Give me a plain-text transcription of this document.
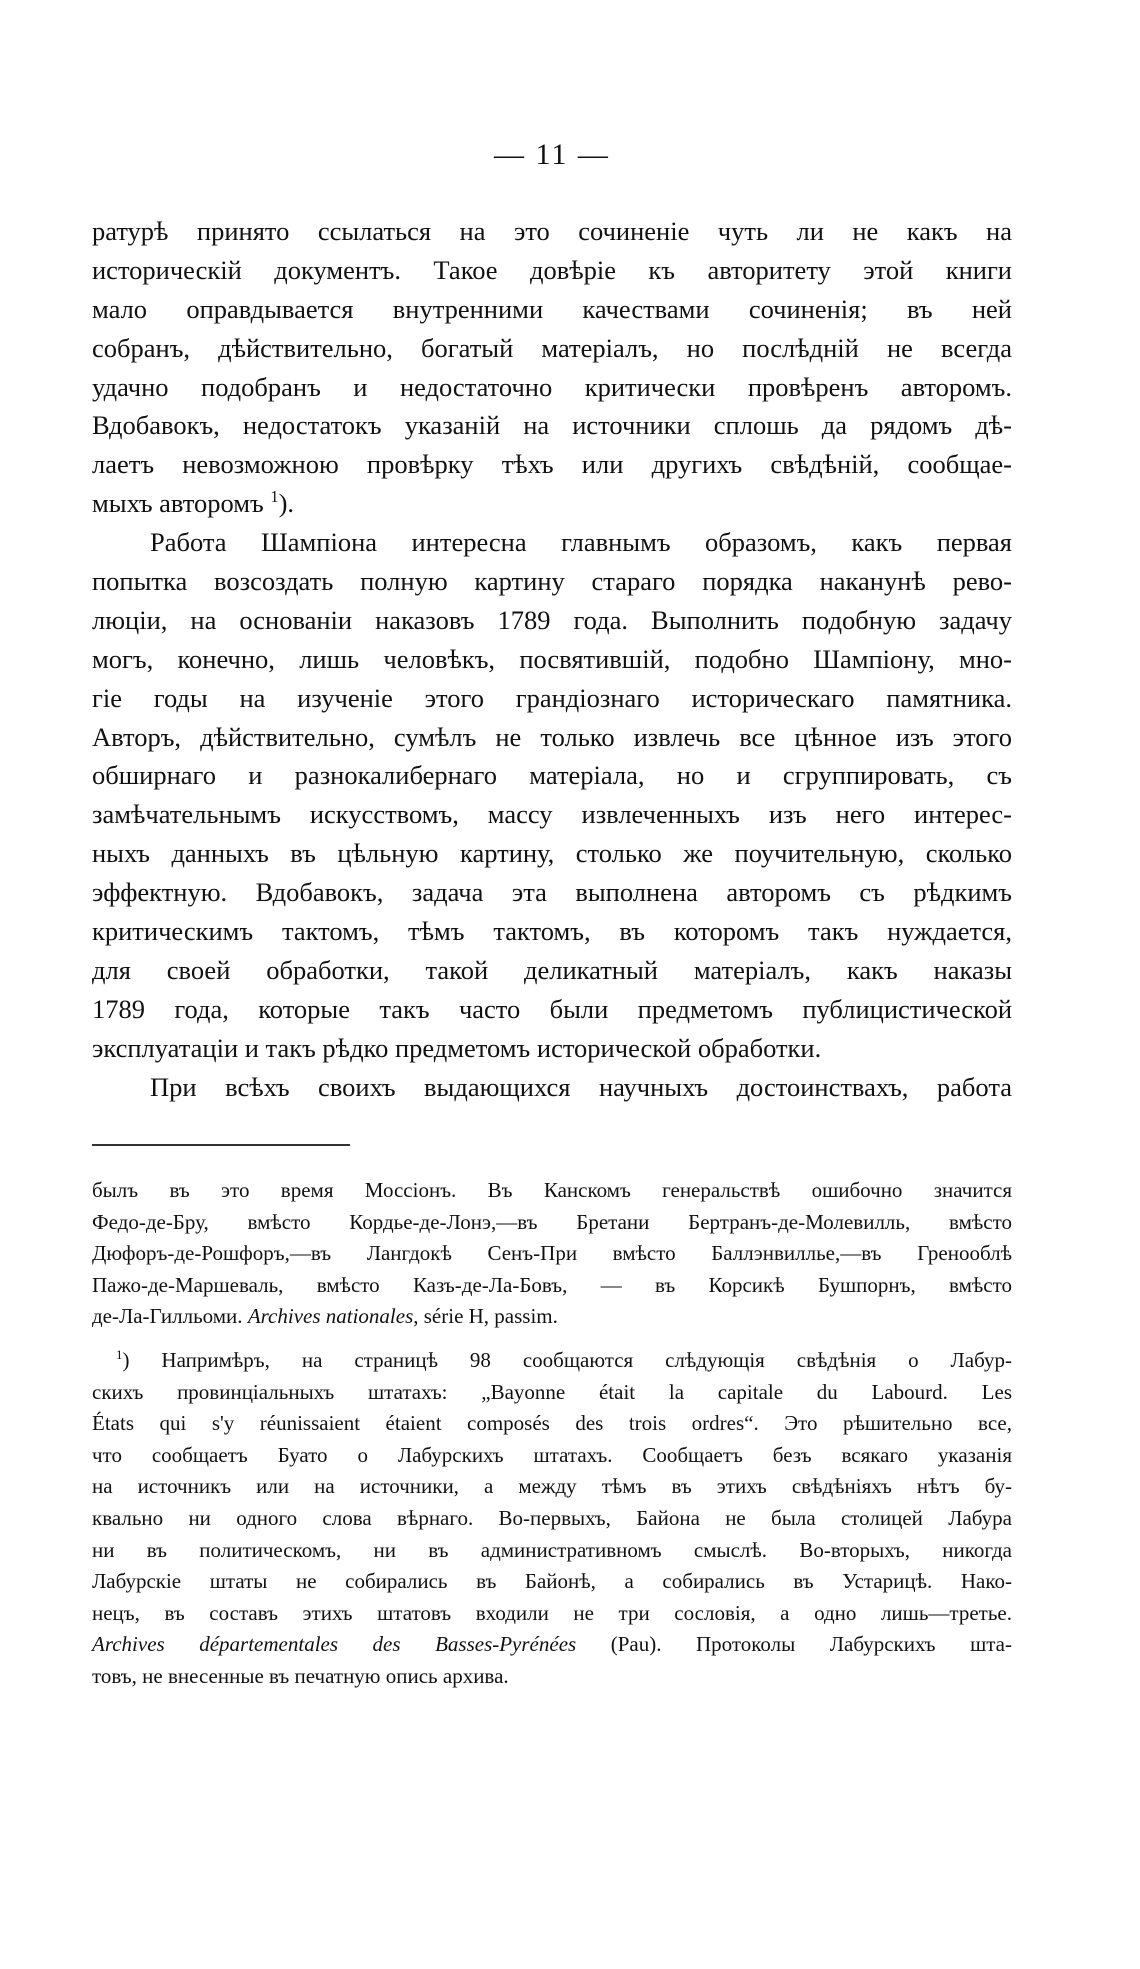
— 11 —
ратурѣ принято ссылаться на это сочиненіе чуть ли не какъ на
историческій документъ. Такое довѣріе къ авторитету этой книги
мало оправдывается внутренними качествами сочиненія; въ ней
собранъ, дѣйствительно, богатый матеріалъ, но послѣдній не всегда
удачно подобранъ и недостаточно критически провѣренъ авторомъ.
Вдобавокъ, недостатокъ указаній на источники сплошь да рядомъ дѣ-
лаетъ невозможною провѣрку тѣхъ или другихъ свѣдѣній, сообщае-
мыхъ авторомъ $^1$).
Работа Шампіона интересна главнымъ образомъ, какъ первая
попытка возсоздать полную картину стараго порядка наканунѣ рево-
люціи, на основаніи наказовъ 1789 года. Выполнить подобную задачу
могъ, конечно, лишь человѣкъ, посвятившій, подобно Шампіону, мно-
гіе годы на изученіе этого грандіознаго историческаго памятника.
Авторъ, дѣйствительно, сумѣлъ не только извлечь все цѣнное изъ этого
обширнаго и разнокалибернаго матеріала, но и сгруппировать, съ
замѣчательнымъ искусствомъ, массу извлеченныхъ изъ него интерес-
ныхъ данныхъ въ цѣльную картину, столько же поучительную, сколько
эффектную. Вдобавокъ, задача эта выполнена авторомъ съ рѣдкимъ
критическимъ тактомъ, тѣмъ тактомъ, въ которомъ такъ нуждается,
для своей обработки, такой деликатный матеріалъ, какъ наказы
1789 года, которые такъ часто были предметомъ публицистической
эксплуатаціи и такъ рѣдко предметомъ исторической обработки.
При всѣхъ своихъ выдающихся научныхъ достоинствахъ, работа
былъ въ это время Моссіонъ. Въ Канскомъ генеральствѣ ошибочно значится
Федо-де-Бру, вмѣсто Кордье-де-Лонэ,—въ Бретани Бертранъ-де-Молевилль, вмѣсто
Дюфоръ-де-Рошфоръ,—въ Лангдокѣ Сенъ-При вмѣсто Баллэнвиллье,—въ Гренооблѣ
Пажо-де-Маршеваль, вмѣсто Казъ-де-Ла-Бовъ, — въ Корсикѣ Бушпорнъ, вмѣсто
де-Ла-Гилльоми. Archives nationales, série H, passim.
$^1$) Напримѣръ, на страницѣ 98 сообщаются слѣдующія свѣдѣнія о Лабур-
скихъ провинціальныхъ штатахъ: „Bayonne était la capitale du Labourd. Les
États qui s'y réunissaient étaient composés des trois ordres“. Это рѣшительно все,
что сообщаетъ Буато о Лабурскихъ штатахъ. Сообщаетъ безъ всякаго указанія
на источникъ или на источники, а между тѣмъ въ этихъ свѣдѣніяхъ нѣтъ бу-
квально ни одного слова вѣрнаго. Во-первыхъ, Байона не была столицей Лабура
ни въ политическомъ, ни въ административномъ смыслѣ. Во-вторыхъ, никогда
Лабурскіе штаты не собирались въ Байонѣ, а собирались въ Устарицѣ. Нако-
нецъ, въ составъ этихъ штатовъ входили не три сословія, а одно лишь—третье.
Archives départementales des Basses-Pyrénées (Pau). Протоколы Лабурскихъ шта-
товъ, не внесенные въ печатную опись архива.
